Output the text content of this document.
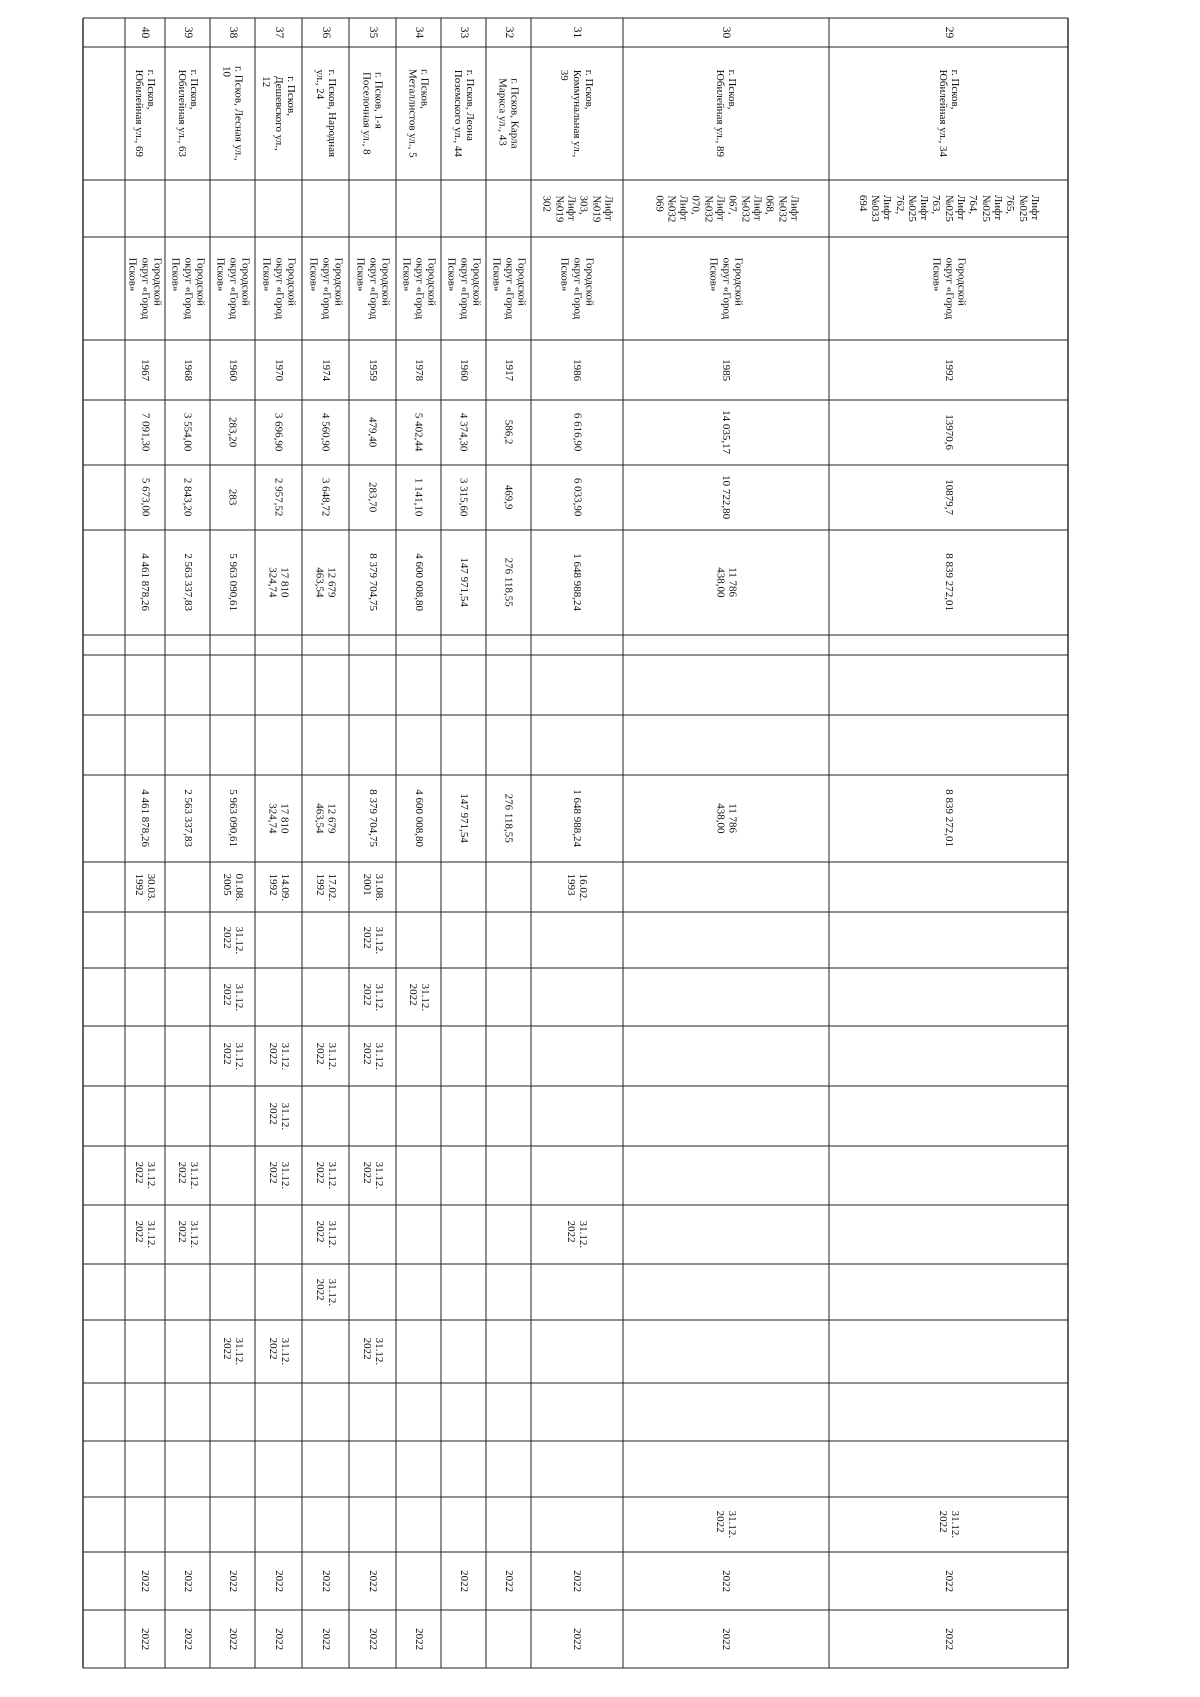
29
г. Псков,
Юбилейная ул., 34
Лифт
№025
765,
Лифт
№025
764,
Лифт
№025
763,
Лифт
№025
762,
Лифт
№033
694
Городской
округ «Город
Псков»
1992
13970,6
10879,7
8 839 272,01
8 839 272,01
31.12.
2022
2022
2022
30
г. Псков,
Юбилейная ул., 89
Лифт
№032
068,
Лифт
№032
067,
Лифт
№032
070,
Лифт
№032
069
Городской
округ «Город
Псков»
1985
14 035,17
10 722,80
11 786
438,00
11 786
438,00
31.12.
2022
2022
2022
31
г. Псков,
Коммунальная ул.,
39
Лифт
№019
303,
Лифт
№019
302
Городской
округ «Город
Псков»
1986
6 616,90
6 033,90
1 648 988,24
1 648 988,24
16.02.
1993
31.12.
2022
2022
2022
32
г. Псков, Карла
Маркса ул., 43
Городской
округ «Город
Псков»
1917
586,2
469,9
276 118,55
276 118,55
2022
33
г. Псков, Леона
Поземского ул., 44
Городской
округ «Город
Псков»
1960
4 374,30
3 315,60
147 971,54
147 971,54
2022
34
г. Псков,
Металлистов ул., 5
Городской
округ «Город
Псков»
1978
5 402,44
1 141,10
4 600 008,80
4 600 008,80
31.12.
2022
2022
35
г. Псков, 1-я
Поселочная ул., 8
Городской
округ «Город
Псков»
1959
479,40
283,70
8 379 704,75
8 379 704,75
31.08.
2001
31.12.
2022
31.12.
2022
31.12.
2022
31.12.
2022
31.12.
2022
2022
2022
36
г. Псков, Народная
ул., 24
Городской
округ «Город
Псков»
1974
4 560,90
3 648,72
12 679
463,54
12 679
463,54
17.02.
1992
31.12.
2022
31.12.
2022
31.12.
2022
31.12.
2022
2022
2022
37
г. Псков,
Дешевского ул.,
12
Городской
округ «Город
Псков»
1970
3 696,90
2 957,52
17 810
324,74
17 810
324,74
14.09.
1992
31.12.
2022
31.12.
2022
31.12.
2022
31.12.
2022
2022
2022
38
г. Псков, Лесная ул.,
10
Городской
округ «Город
Псков»
1960
283,20
283
5 963 090,61
5 963 090,61
01.08.
2005
31.12.
2022
31.12.
2022
31.12.
2022
31.12.
2022
2022
2022
39
г. Псков,
Юбилейная ул., 63
Городской
округ «Город
Псков»
1968
3 554,00
2 843,20
2 563 337,83
2 563 337,83
31.12.
2022
31.12.
2022
2022
2022
40
г. Псков,
Юбилейная ул., 69
Городской
округ «Город
Псков»
1967
7 091,30
5 673,00
4 461 878,26
4 461 878,26
30.03.
1992
31.12.
2022
31.12.
2022
2022
2022
